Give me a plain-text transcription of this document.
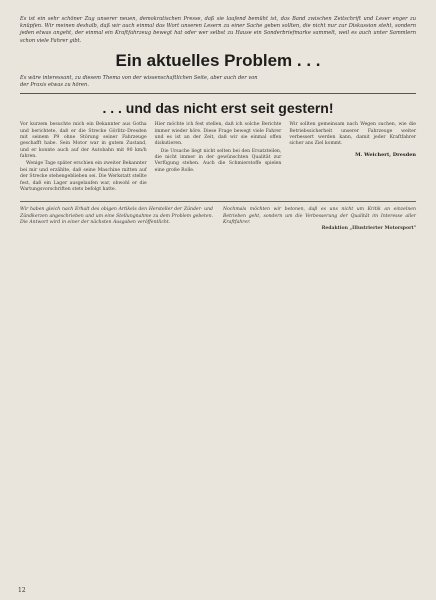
Es ist ein sehr schöner Zug unserer neuen, demokratischen Presse, daß sie laufend bemüht ist, das Band zwischen Zeitschrift und Leser enger zu knüpfen. Wir meinen deshalb, daß wir auch einmal das Wort unseren Lesern zu einer Sache geben sollten, die nicht nur zur Diskussion steht, sondern jeden etwas angeht, der einmal ein Kraftfahrzeug bewegt hat oder wer selbst zu Hause ein Sonderbriefmarke sammelt, weil es auch unter Sammlern schon viele Fahrer gibt.

Ein aktuelles Problem . . .

Es wäre interessant, zu diesem Thema von der wissenschaftlichen Seite, aber auch der von der Praxis etwas zu hören.

. . . und das nicht erst seit gestern!

Vor kurzem besuchte mich ein Bekannter aus Gotha und berichtete, daß er die Strecke Görlitz–Dresden mit seinem P9 ohne Störung seiner Fahrzeuge geschafft habe. Sein Motor war in gutem Zustand, und er konnte auch auf der Autobahn mit 90 km/h fahren.

Wenige Tage später erschien ein zweiter Bekannter bei mir und erzählte, daß seine Maschine mitten auf der Strecke stehengeblieben sei. Die Werkstatt stellte fest, daß ein Lager ausgelaufen war, obwohl er die Wartungsvorschriften stets befolgt hatte.

Hier möchte ich fest stellen, daß ich solche Berichte immer wieder höre. Diese Frage bewegt viele Fahrer und es ist an der Zeit, daß wir sie einmal offen diskutieren.

Die Ursache liegt nicht selten bei den Ersatzteilen, die nicht immer in der gewünschten Qualität zur Verfügung stehen. Auch die Schmierstoffe spielen eine große Rolle.

Wir sollten gemeinsam nach Wegen suchen, wie die Betriebssicherheit unserer Fahrzeuge weiter verbessert werden kann, damit jeder Kraftfahrer sicher ans Ziel kommt.

M. Weichert, Dresden
Wir haben gleich nach Erhalt des obigen Artikels den Hersteller der Zünder- und Zündkerzen angeschrieben und um eine Stellungnahme zu dem Problem gebeten. Die Antwort wird in einer der nächsten Ausgaben veröffentlicht.
Nochmals möchten wir betonen, daß es uns nicht um Kritik an einzelnen Betrieben geht, sondern um die Verbesserung der Qualität im Interesse aller Kraftfahrer.
Redaktion „Illustrierter Motorsport"
12
